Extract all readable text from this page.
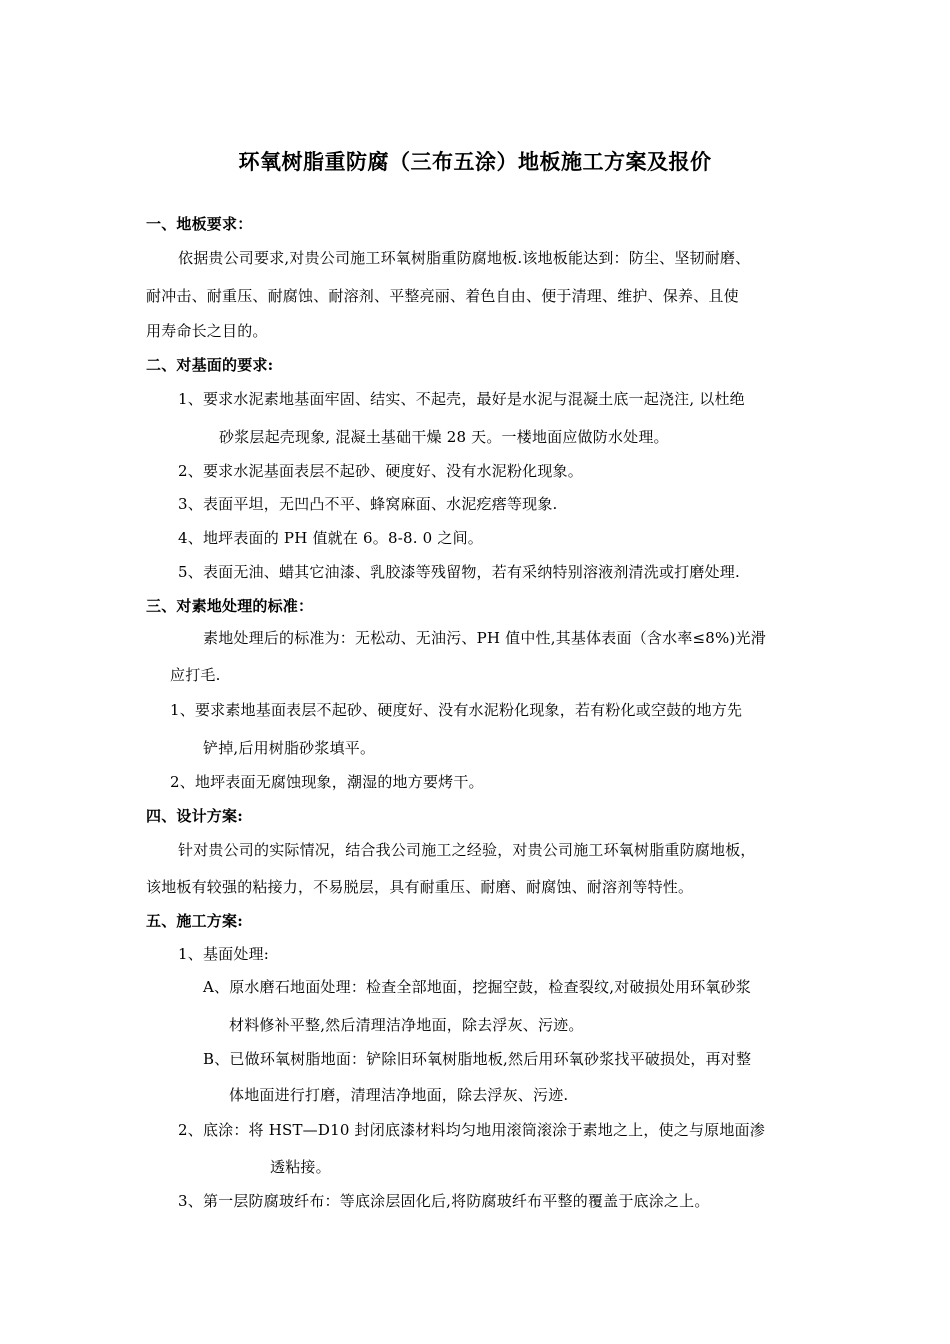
环氧树脂重防腐（三布五涂）地板施工方案及报价
一、地板要求：
依据贵公司要求,对贵公司施工环氧树脂重防腐地板.该地板能达到：防尘、坚韧耐磨、
耐冲击、耐重压、耐腐蚀、耐溶剂、平整亮丽、着色自由、便于清理、维护、保养、且使
用寿命长之目的。
二、对基面的要求:
1、要求水泥素地基面牢固、结实、不起壳，最好是水泥与混凝土底一起浇注, 以杜绝
砂浆层起壳现象, 混凝土基础干燥 28 天。一楼地面应做防水处理。
2、要求水泥基面表层不起砂、硬度好、没有水泥粉化现象。
3、表面平坦，无凹凸不平、蜂窝麻面、水泥疙瘩等现象.
4、地坪表面的 PH 值就在 6。8-8. 0 之间。
5、表面无油、蜡其它油漆、乳胶漆等残留物，若有采纳特别溶液剂清洗或打磨处理.
三、对素地处理的标准：
素地处理后的标准为：无松动、无油污、PH 值中性,其基体表面（含水率≤8%)光滑
应打毛.
1、要求素地基面表层不起砂、硬度好、没有水泥粉化现象，若有粉化或空鼓的地方先
铲掉,后用树脂砂浆填平。
2、地坪表面无腐蚀现象，潮湿的地方要烤干。
四、设计方案:
针对贵公司的实际情况，结合我公司施工之经验，对贵公司施工环氧树脂重防腐地板，
该地板有较强的粘接力，不易脱层，具有耐重压、耐磨、耐腐蚀、耐溶剂等特性。
五、施工方案:
1、基面处理:
A、原水磨石地面处理：检查全部地面，挖掘空鼓，检查裂纹,对破损处用环氧砂浆
材料修补平整,然后清理洁净地面，除去浮灰、污迹。
B、已做环氧树脂地面：铲除旧环氧树脂地板,然后用环氧砂浆找平破损处，再对整
体地面进行打磨，清理洁净地面，除去浮灰、污迹.
2、底涂：将 HST—D10 封闭底漆材料均匀地用滚筒滚涂于素地之上，使之与原地面渗
透粘接。
3、第一层防腐玻纤布：等底涂层固化后,将防腐玻纤布平整的覆盖于底涂之上。
